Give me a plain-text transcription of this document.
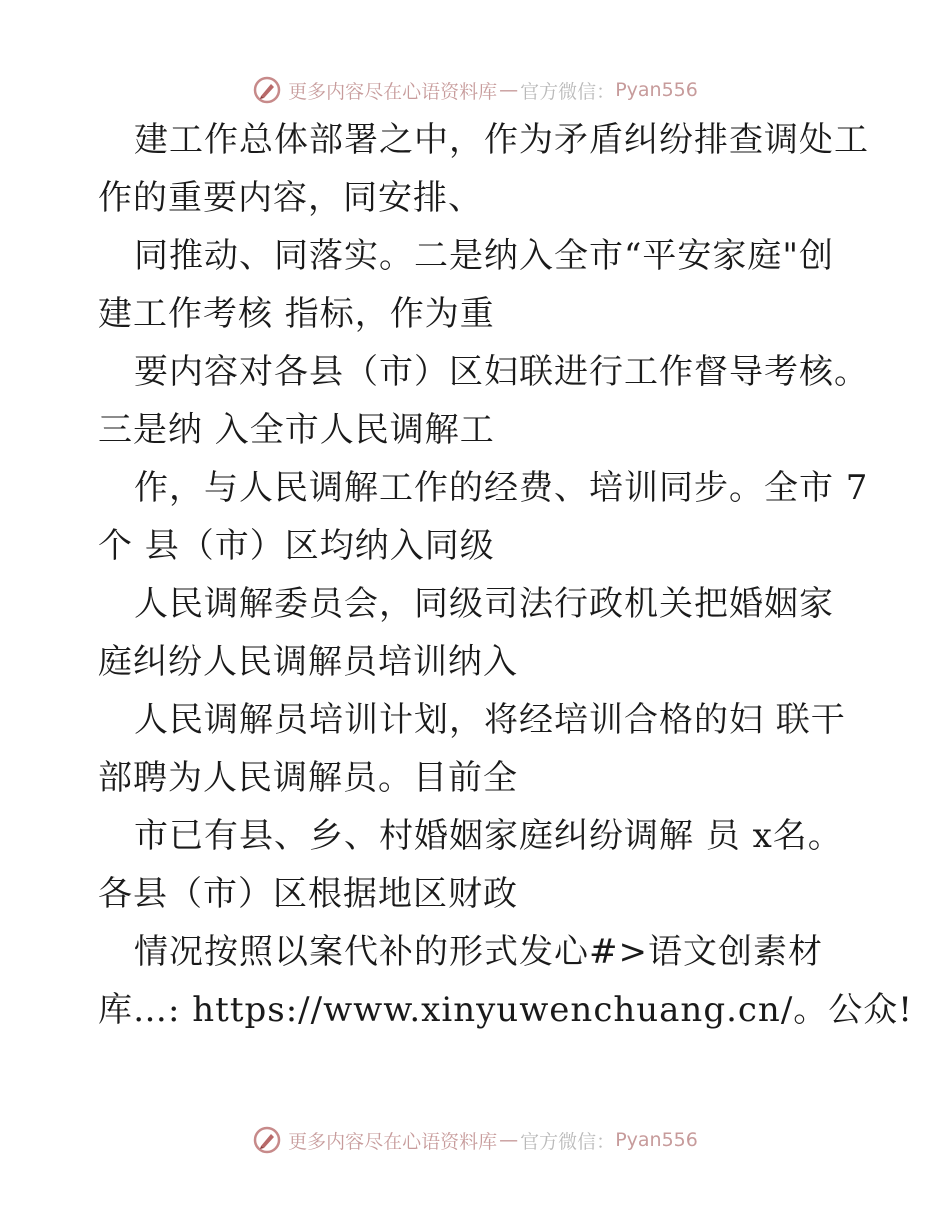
更多内容尽在心语资料库 — 官方微信： Pyan556
建工作总体部署之中，作为矛盾纠纷排查调处工
作的重要内容，同安排、
同推动、同落实。二是纳入全市“平安家庭"创
建工作考核 指标，作为重
要内容对各县（市）区妇联进行工作督导考核。
三是纳 入全市人民调解工
作，与人民调解工作的经费、培训同步。全市 7
个 县（市）区均纳入同级
人民调解委员会，同级司法行政机关把婚姻家
庭纠纷人民调解员培训纳入
人民调解员培训计划，将经培训合格的妇 联干
部聘为人民调解员。目前全
市已有县、乡、村婚姻家庭纠纷调解 员 x名。
各县（市）区根据地区财政
情况按照以案代补的形式发心#>语文创素材
库…: https://www.xinyuwenchuang.cn/。公众!
更多内容尽在心语资料库 — 官方微信： Pyan556
